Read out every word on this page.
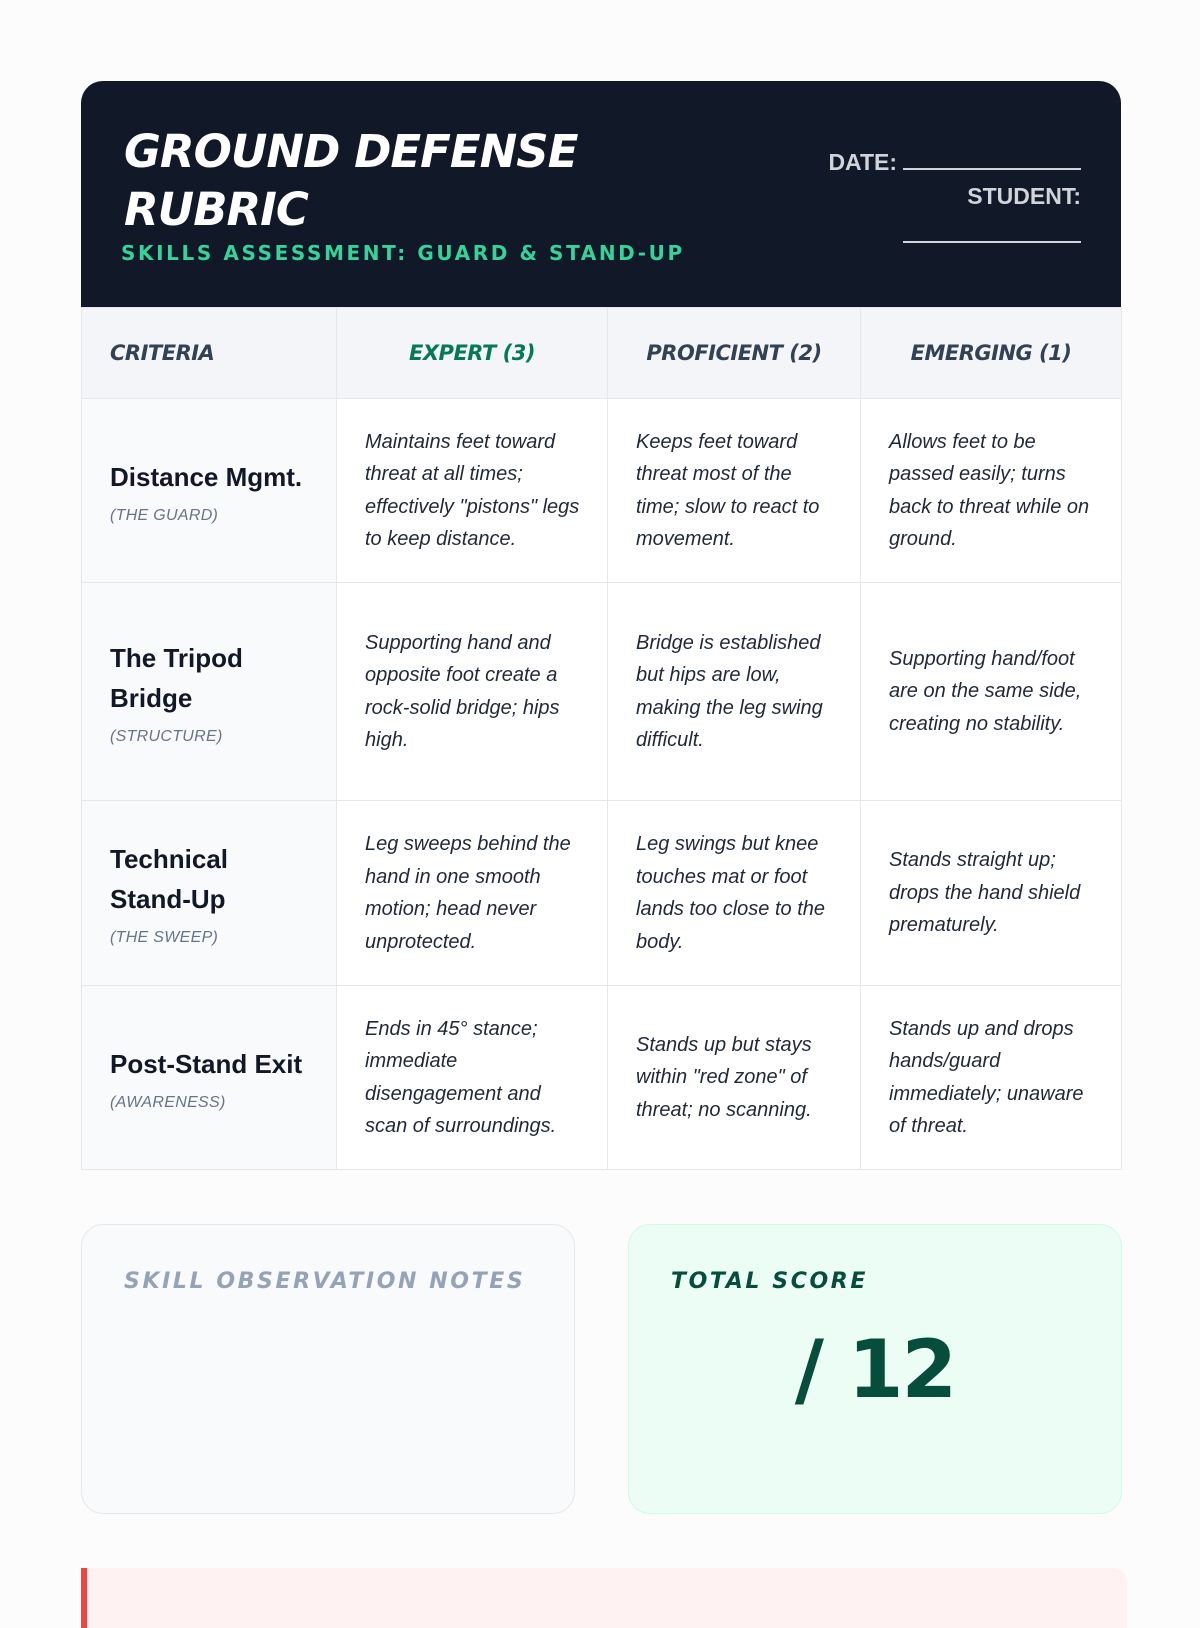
GROUND DEFENSE RUBRIC
SKILLS ASSESSMENT: GUARD & STAND-UP
DATE:
STUDENT:
CRITERIA	EXPERT (3)	PROFICIENT (2)	EMERGING (1)

Distance Mgmt.
(THE GUARD)	Maintains feet toward threat at all times; effectively "pistons" legs to keep distance.	Keeps feet toward threat most of the time; slow to react to movement.	Allows feet to be passed easily; turns back to threat while on ground.

The Tripod Bridge
(STRUCTURE)	Supporting hand and opposite foot create a rock-solid bridge; hips high.	Bridge is established but hips are low, making the leg swing difficult.	Supporting hand/foot are on the same side, creating no stability.

Technical Stand-Up
(THE SWEEP)	Leg sweeps behind the hand in one smooth motion; head never unprotected.	Leg swings but knee touches mat or foot lands too close to the body.	Stands straight up; drops the hand shield prematurely.

Post-Stand Exit
(AWARENESS)	Ends in 45° stance; immediate disengagement and scan of surroundings.	Stands up but stays within "red zone" of threat; no scanning.	Stands up and drops hands/guard immediately; unaware of threat.
SKILL OBSERVATION NOTES	TOTAL SCORE
/ 12
